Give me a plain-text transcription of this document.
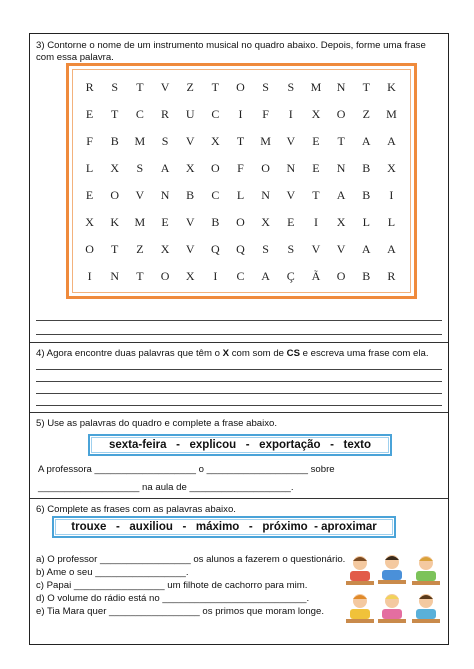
3) Contorne o nome de um instrumento musical no quadro abaixo. Depois, forme uma frase com essa palavra.
R	S	T	V	Z	T	O	S	S	M	N	T	K
E	T	C	R	U	C	I	F	I	X	O	Z	M
F	B	M	S	V	X	T	M	V	E	T	A	A
L	X	S	A	X	O	F	O	N	E	N	B	X
E	O	V	N	B	C	L	N	V	T	A	B	I
X	K	M	E	V	B	O	X	E	I	X	L	L
O	T	Z	X	V	Q	Q	S	S	V	V	A	A
I	N	T	O	X	I	C	A	Ç	Ã	O	B	R
4) Agora encontre duas palavras que têm o X com som de CS e escreva uma frase com ela.
5) Use as palavras do quadro e complete a frase abaixo.
sexta-feira   -   explicou   -   exportação   -   texto
A professora ___________________ o ___________________ sobre
___________________ na aula de ___________________.
6) Complete as frases com as palavras abaixo.
trouxe   -   auxiliou   -   máximo   -   próximo  - aproximar
a) O professor _________________ os alunos a fazerem o questionário.
b) Ame o seu _________________.
c) Papai _________________ um filhote de cachorro para mim.
d) O volume do rádio está no ___________________________.
e) Tia Mara quer _________________ os primos que moram longe.
